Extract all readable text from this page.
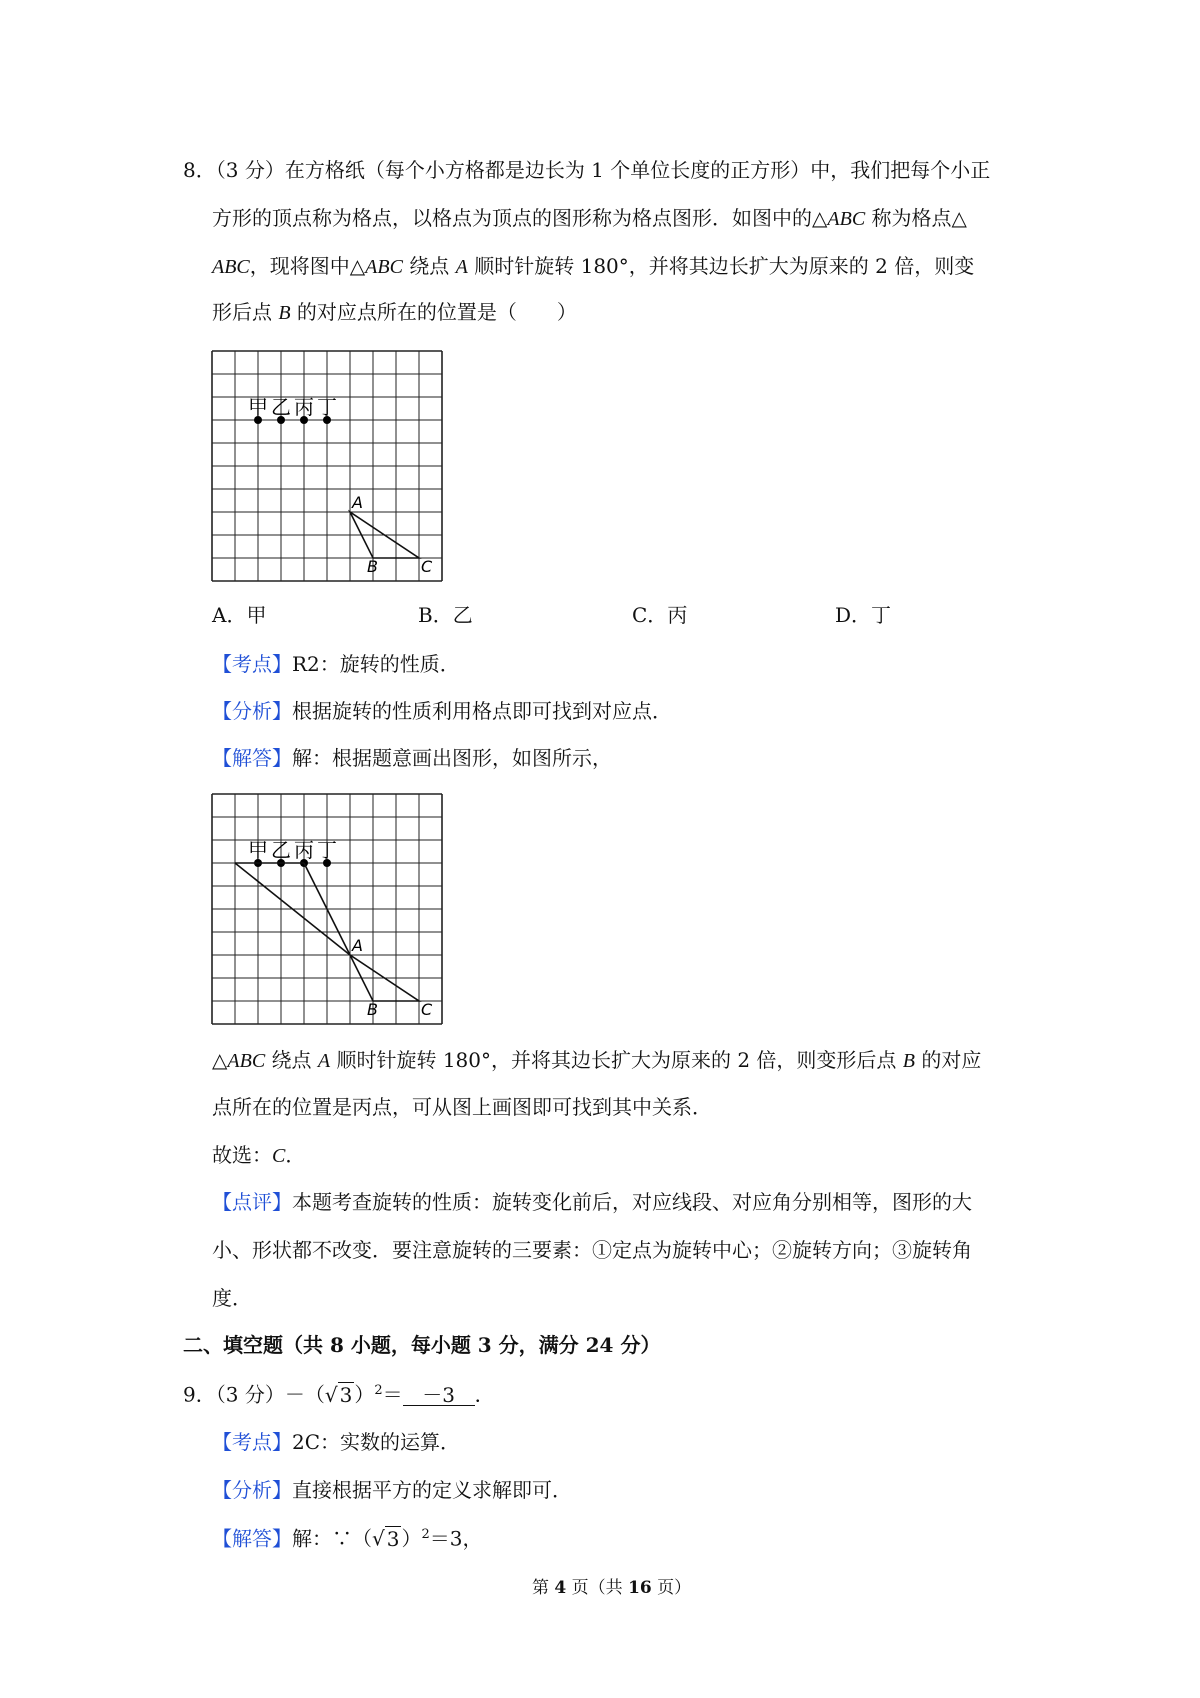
8．（3 分）在方格纸（每个小方格都是边长为 1 个单位长度的正方形）中，我们把每个小正
方形的顶点称为格点，以格点为顶点的图形称为格点图形．如图中的△ABC 称为格点△
ABC，现将图中△ABC 绕点 A 顺时针旋转 180°，并将其边长扩大为原来的 2 倍，则变
形后点 B 的对应点所在的位置是（　　）
甲 乙 丙 丁
A
B	C
A．甲	B．乙	C．丙	D．丁
【考点】R2：旋转的性质．
【分析】根据旋转的性质利用格点即可找到对应点．
【解答】解：根据题意画出图形，如图所示，
甲 乙 丙 丁
A
B	C
△ABC 绕点 A 顺时针旋转 180°，并将其边长扩大为原来的 2 倍，则变形后点 B 的对应
点所在的位置是丙点，可从图上画图即可找到其中关系．
故选：C．
【点评】本题考查旋转的性质：旋转变化前后，对应线段、对应角分别相等，图形的大
小、形状都不改变．要注意旋转的三要素：①定点为旋转中心；②旋转方向；③旋转角
度．
二、填空题（共 8 小题，每小题 3 分，满分 24 分）
9．（3 分）－（√ 3 ）$^2$＝ －3 ．
【考点】2C：实数的运算．
【分析】直接根据平方的定义求解即可．
【解答】解：∵（√ 3 ）$^2$＝3，
第 4 页（共 16 页）
